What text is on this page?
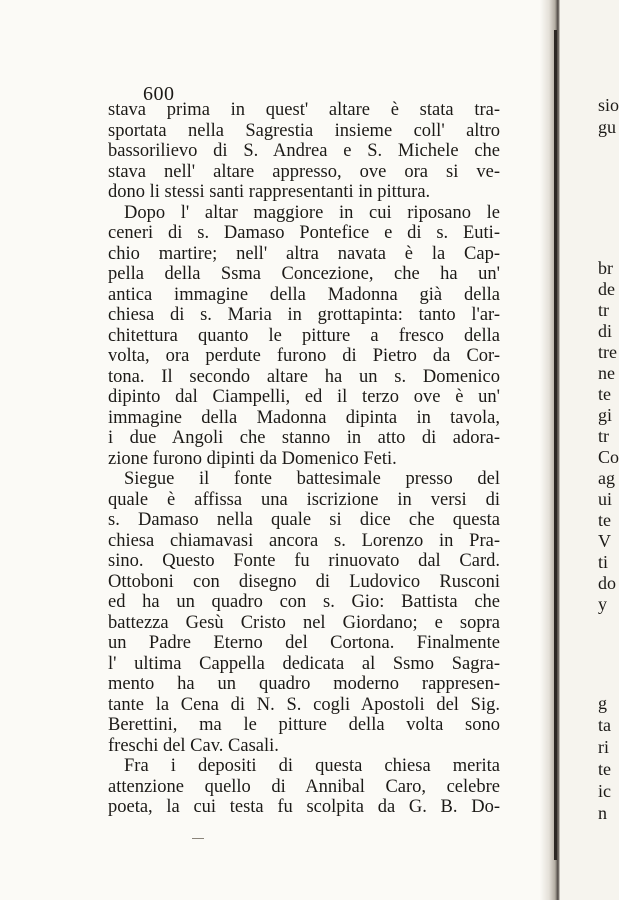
600
stava prima in quest' altare è stata tra-
sportata nella Sagrestia insieme coll' altro
bassorilievo di S. Andrea e S. Michele che
stava nell' altare appresso, ove ora si ve-
dono li stessi santi rappresentanti in pittura.
Dopo l' altar maggiore in cui riposano le
ceneri di s. Damaso Pontefice e di s. Euti-
chio martire; nell' altra navata è la Cap-
pella della Ssma Concezione, che ha un'
antica immagine della Madonna già della
chiesa di s. Maria in grottapinta: tanto l'ar-
chitettura quanto le pitture a fresco della
volta, ora perdute furono di Pietro da Cor-
tona. Il secondo altare ha un s. Domenico
dipinto dal Ciampelli, ed il terzo ove è un'
immagine della Madonna dipinta in tavola,
i due Angoli che stanno in atto di adora-
zione furono dipinti da Domenico Feti.
Siegue il fonte battesimale presso del
quale è affissa una iscrizione in versi di
s. Damaso nella quale si dice che questa
chiesa chiamavasi ancora s. Lorenzo in Pra-
sino. Questo Fonte fu rinuovato dal Card.
Ottoboni con disegno di Ludovico Rusconi
ed ha un quadro con s. Gio: Battista che
battezza Gesù Cristo nel Giordano; e sopra
un Padre Eterno del Cortona. Finalmente
l' ultima Cappella dedicata al Ssmo Sagra-
mento ha un quadro moderno rappresen-
tante la Cena di N. S. cogli Apostoli del Sig.
Berettini, ma le pitture della volta sono
freschi del Cav. Casali.
Fra i depositi di questa chiesa merita
attenzione quello di Annibal Caro, celebre
poeta, la cui testa fu scolpita da G. B. Do-
sio
gu
br
de
tr
di
tre
ne
te
gi
tr
Co
ag
ui
te
V
ti
do
y
g
ta
ri
te
ic
n
